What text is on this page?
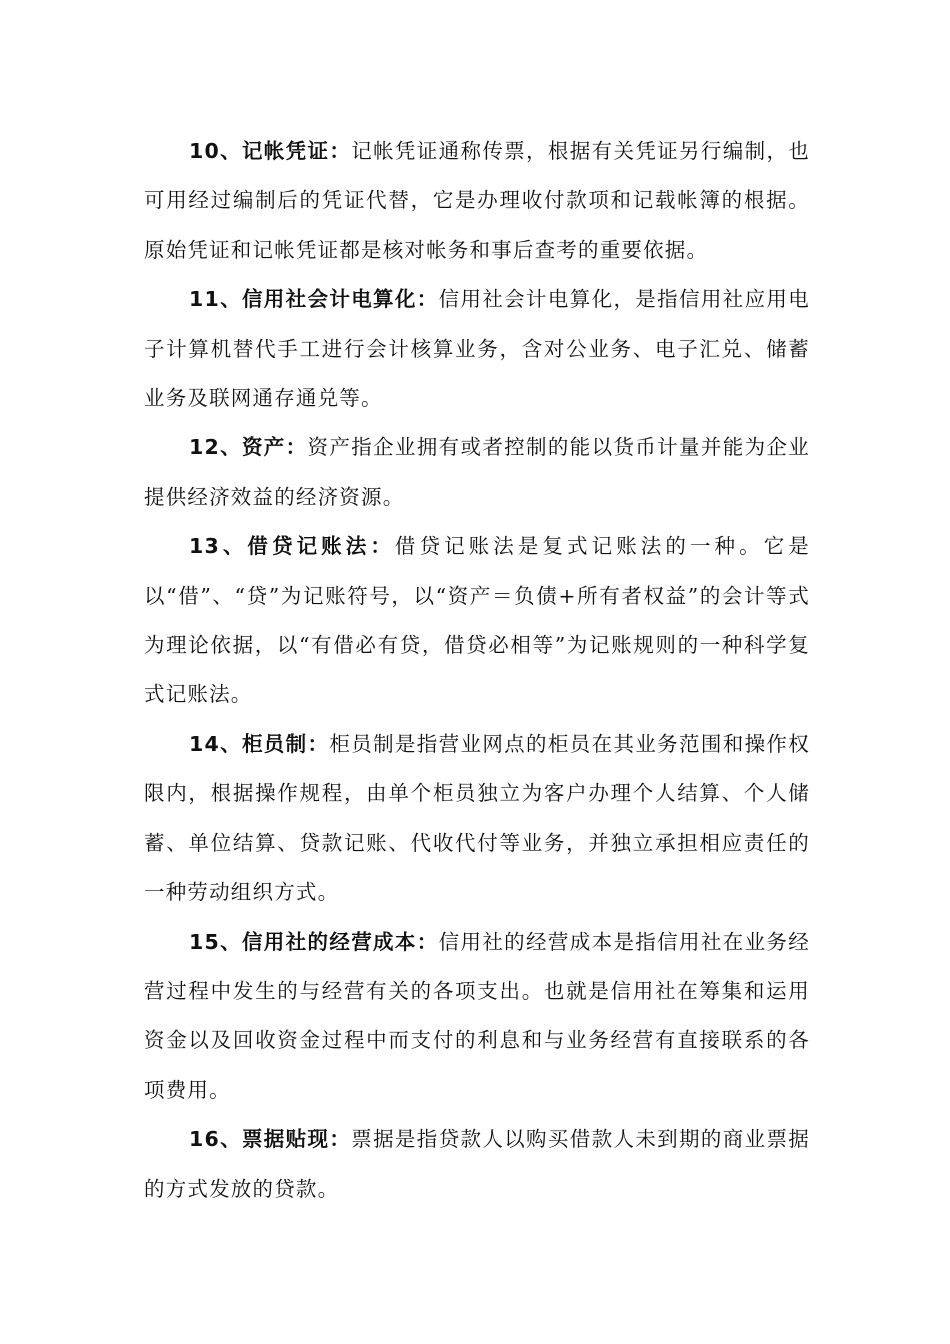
10、记帐凭证：记帐凭证通称传票，根据有关凭证另行编制，也可用经过编制后的凭证代替，它是办理收付款项和记载帐簿的根据。原始凭证和记帐凭证都是核对帐务和事后查考的重要依据。

11、信用社会计电算化：信用社会计电算化，是指信用社应用电子计算机替代手工进行会计核算业务，含对公业务、电子汇兑、储蓄业务及联网通存通兑等。

12、资产：资产指企业拥有或者控制的能以货币计量并能为企业提供经济效益的经济资源。

13、借贷记账法：借贷记账法是复式记账法的一种。它是以“借”、“贷”为记账符号，以“资产＝负债+所有者权益”的会计等式为理论依据，以“有借必有贷，借贷必相等”为记账规则的一种科学复式记账法。

14、柜员制：柜员制是指营业网点的柜员在其业务范围和操作权限内，根据操作规程，由单个柜员独立为客户办理个人结算、个人储蓄、单位结算、贷款记账、代收代付等业务，并独立承担相应责任的一种劳动组织方式。

15、信用社的经营成本：信用社的经营成本是指信用社在业务经营过程中发生的与经营有关的各项支出。也就是信用社在筹集和运用资金以及回收资金过程中而支付的利息和与业务经营有直接联系的各项费用。

16、票据贴现：票据是指贷款人以购买借款人未到期的商业票据的方式发放的贷款。
